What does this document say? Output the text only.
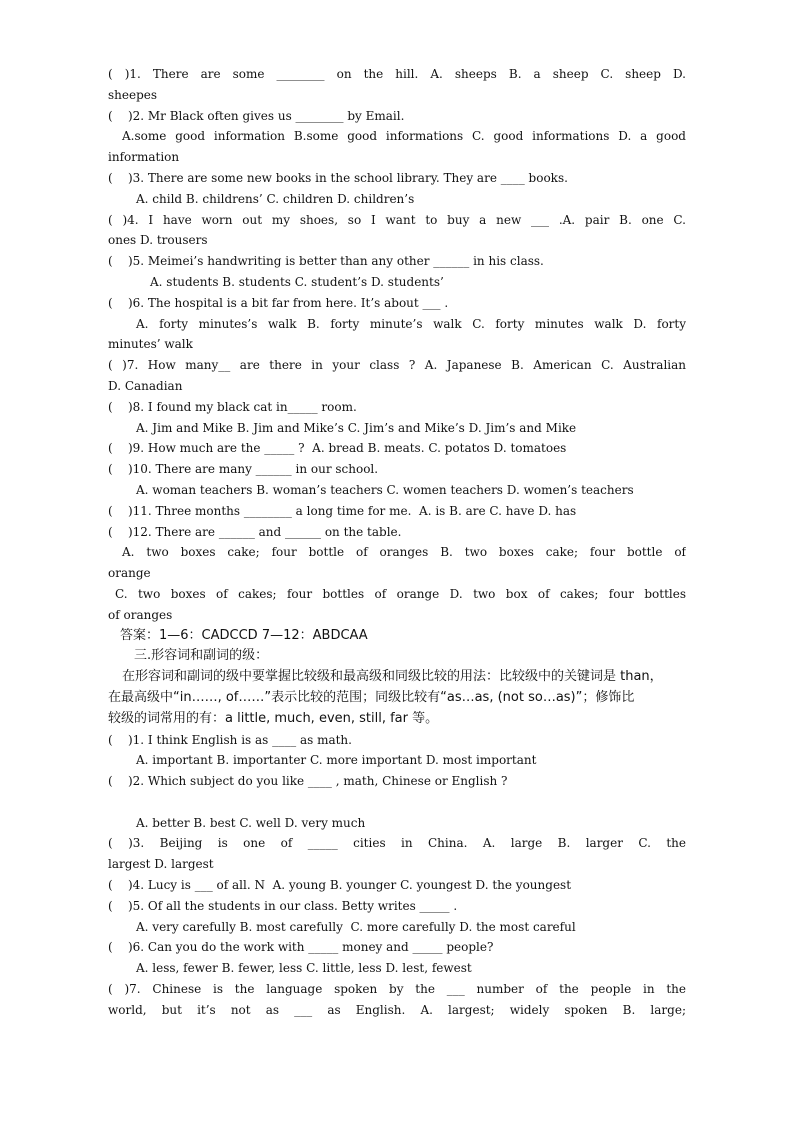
( )1. There are some ________ on the hill. A. sheeps B. a sheep C. sheep D.
sheepes
(    )2. Mr Black often gives us ________ by Email.
A.some good information B.some good informations C. good informations D. a good
information
(    )3. There are some new books in the school library. They are ____ books.
A. child B. childrens’ C. children D. children’s
( )4. I have worn out my shoes, so I want to buy a new ___ .A. pair B. one C.
ones D. trousers
(    )5. Meimei’s handwriting is better than any other ______ in his class.
A. students B. students C. student’s D. students’
(    )6. The hospital is a bit far from here. It’s about ___ .
A. forty minutes’s walk B. forty minute’s walk C. forty minutes walk D. forty
minutes’ walk
( )7. How many__ are there in your class ? A. Japanese B. American C. Australian
D. Canadian
(    )8. I found my black cat in_____ room.
A. Jim and Mike B. Jim and Mike’s C. Jim’s and Mike’s D. Jim’s and Mike
(    )9. How much are the _____ ?  A. bread B. meats. C. potatos D. tomatoes
(    )10. There are many ______ in our school.
A. woman teachers B. woman’s teachers C. women teachers D. women’s teachers
(    )11. Three months ________ a long time for me.  A. is B. are C. have D. has
(    )12. There are ______ and ______ on the table.
A. two boxes cake; four bottle of oranges B. two boxes cake; four bottle of
orange
C. two boxes of cakes; four bottles of orange D. two box of cakes; four bottles
of oranges
答案：1—6：CADCCD 7—12：ABDCAA
三.形容词和副词的级：
在形容词和副词的级中要掌握比较级和最高级和同级比较的用法：比较级中的关键词是 than，
在最高级中“in……, of……”表示比较的范围；同级比较有“as…as, (not so…as)”；修饰比
较级的词常用的有：a little, much, even, still, far 等。
(    )1. I think English is as ____ as math.
A. important B. importanter C. more important D. most important
(    )2. Which subject do you like ____ , math, Chinese or English ?
A. better B. best C. well D. very much
( )3. Beijing is one of _____ cities in China. A. large B. larger C. the
largest D. largest
(    )4. Lucy is ___ of all. N  A. young B. younger C. youngest D. the youngest
(    )5. Of all the students in our class. Betty writes _____ .
A. very carefully B. most carefully  C. more carefully D. the most careful
(    )6. Can you do the work with _____ money and _____ people?
A. less, fewer B. fewer, less C. little, less D. lest, fewest
( )7. Chinese is the language spoken by the ___ number of the people in the
world, but it’s not as ___ as English. A. largest; widely spoken B. large;
